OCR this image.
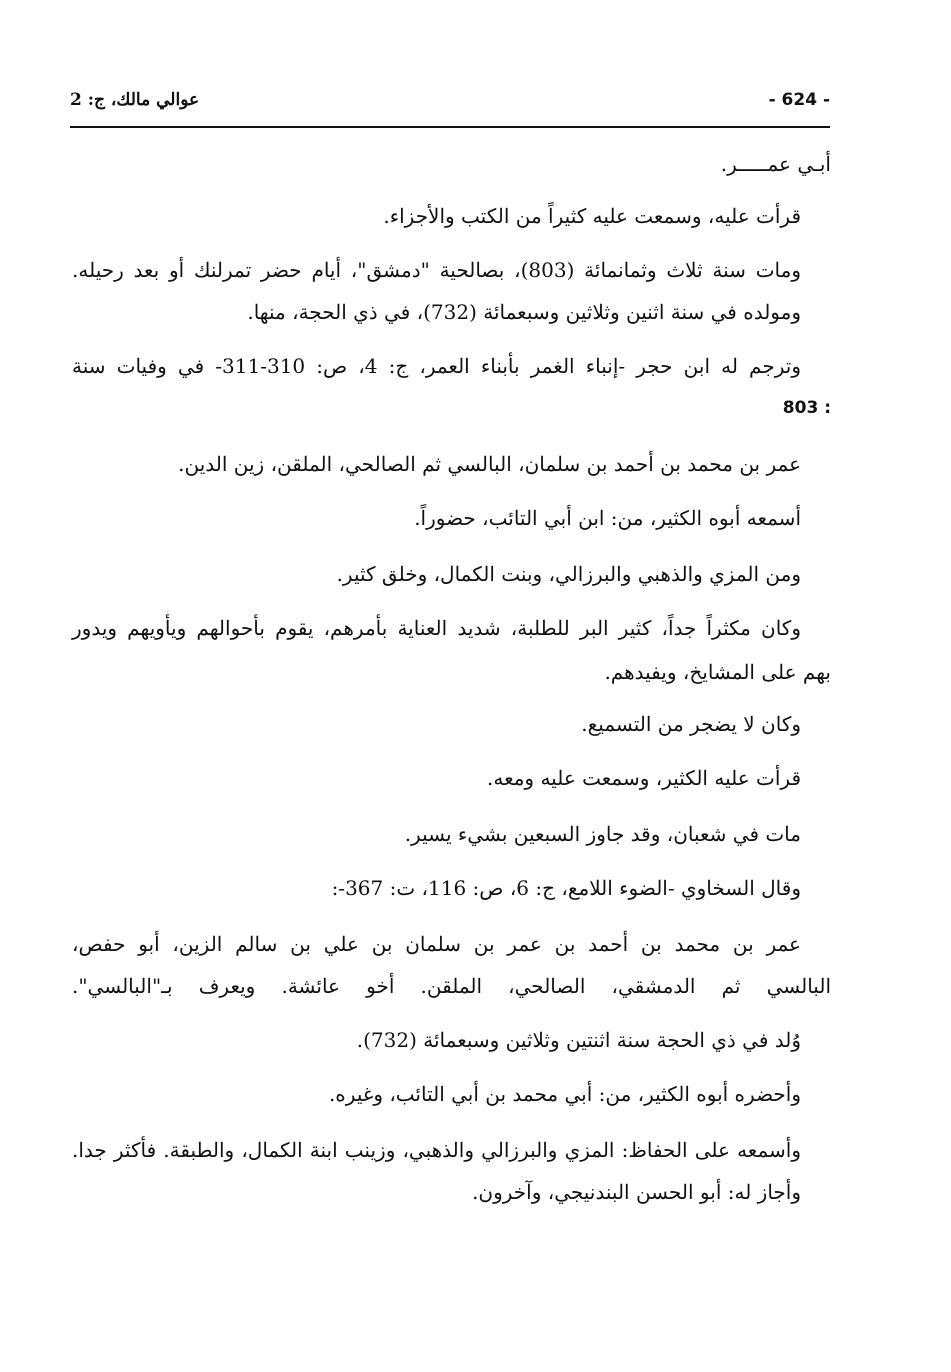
عوالي مالك، ج: 2	- 624 -
أبـي عمـــــر.
قرأت عليه، وسمعت عليه كثيراً من الكتب والأجزاء.
ومات سنة ثلاث وثمانمائة (803)، بصالحية "دمشق"، أيام حضر تمرلنك أو بعد رحيله.
ومولده في سنة اثنين وثلاثين وسبعمائة (732)، في ذي الحجة، منها.
وترجم له ابن حجر -إنباء الغمر بأبناء العمر، ج: 4، ص: 310-311- في وفيات سنة
803 :
عمر بن محمد بن أحمد بن سلمان، البالسي ثم الصالحي، الملقن، زين الدين.
أسمعه أبوه الكثير، من: ابن أبي التائب، حضوراً.
ومن المزي والذهبي والبرزالي، وبنت الكمال، وخلق كثير.
وكان مكثراً جداً، كثير البر للطلبة، شديد العناية بأمرهم، يقوم بأحوالهم ويأويهم ويدور
بهم على المشايخ، ويفيدهم.
وكان لا يضجر من التسميع.
قرأت عليه الكثير، وسمعت عليه ومعه.
مات في شعبان، وقد جاوز السبعين بشيء يسير.
وقال السخاوي -الضوء اللامع، ج: 6، ص: 116، ت: 367-:
عمر بن محمد بن أحمد بن عمر بن سلمان بن علي بن سالم الزين، أبو حفص،
البالسي ثم الدمشقي، الصالحي، الملقن. أخو عائشة. ويعرف بـ"البالسي".
وُلد في ذي الحجة سنة اثنتين وثلاثين وسبعمائة (732).
وأحضره أبوه الكثير، من: أبي محمد بن أبي التائب، وغيره.
وأسمعه على الحفاظ: المزي والبرزالي والذهبي، وزينب ابنة الكمال، والطبقة. فأكثر جدا.
وأجاز له: أبو الحسن البندنيجي، وآخرون.
